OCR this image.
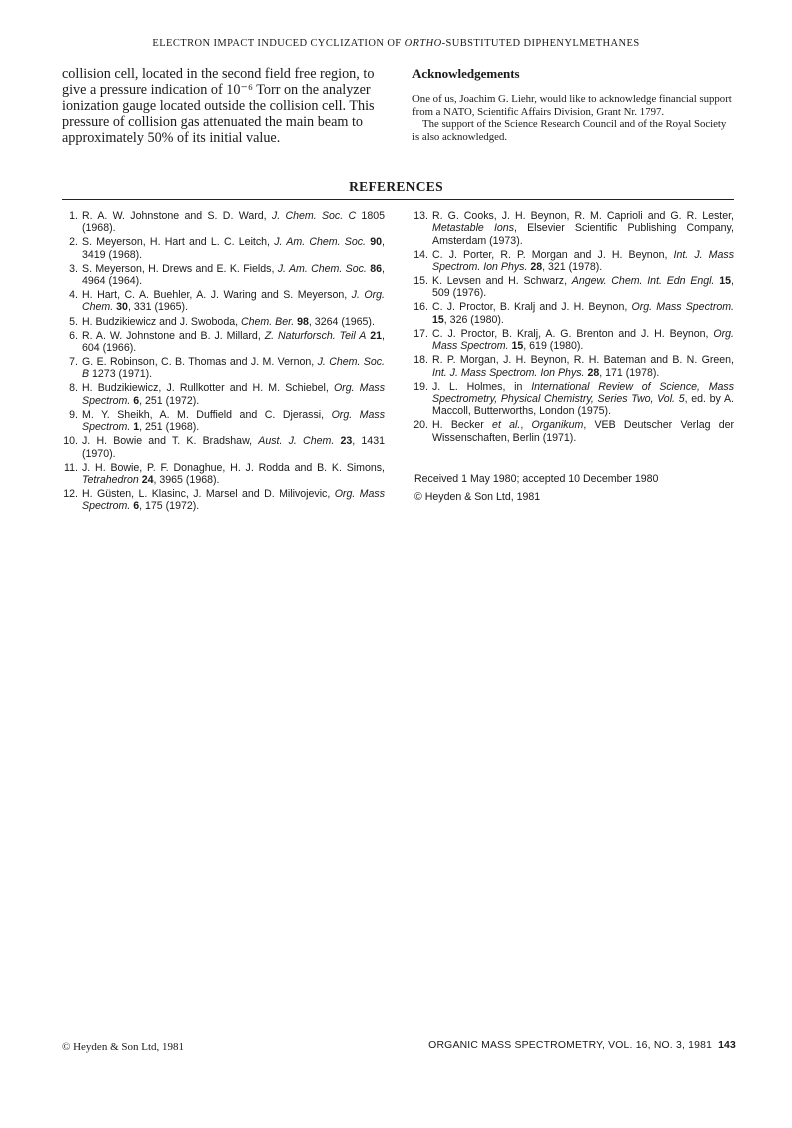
ELECTRON IMPACT INDUCED CYCLIZATION OF ORTHO-SUBSTITUTED DIPHENYLMETHANES

collision cell, located in the second field free region, to give a pressure indication of 10⁻⁶ Torr on the analyzer ionization gauge located outside the collision cell. This pressure of collision gas attenuated the main beam to approximately 50% of its initial value.

Acknowledgements

One of us, Joachim G. Liehr, would like to acknowledge financial support from a NATO, Scientific Affairs Division, Grant Nr. 1797.

The support of the Science Research Council and of the Royal Society is also acknowledged.

REFERENCES
1. R. A. W. Johnstone and S. D. Ward, J. Chem. Soc. C 1805 (1968).
2. S. Meyerson, H. Hart and L. C. Leitch, J. Am. Chem. Soc. 90, 3419 (1968).
3. S. Meyerson, H. Drews and E. K. Fields, J. Am. Chem. Soc. 86, 4964 (1964).
4. H. Hart, C. A. Buehler, A. J. Waring and S. Meyerson, J. Org. Chem. 30, 331 (1965).
5. H. Budzikiewicz and J. Swoboda, Chem. Ber. 98, 3264 (1965).
6. R. A. W. Johnstone and B. J. Millard, Z. Naturforsch. Teil A 21, 604 (1966).
7. G. E. Robinson, C. B. Thomas and J. M. Vernon, J. Chem. Soc. B 1273 (1971).
8. H. Budzikiewicz, J. Rullkotter and H. M. Schiebel, Org. Mass Spectrom. 6, 251 (1972).
9. M. Y. Sheikh, A. M. Duffield and C. Djerassi, Org. Mass Spectrom. 1, 251 (1968).
10. J. H. Bowie and T. K. Bradshaw, Aust. J. Chem. 23, 1431 (1970).
11. J. H. Bowie, P. F. Donaghue, H. J. Rodda and B. K. Simons, Tetrahedron 24, 3965 (1968).
12. H. Güsten, L. Klasinc, J. Marsel and D. Milivojevic, Org. Mass Spectrom. 6, 175 (1972).
13. R. G. Cooks, J. H. Beynon, R. M. Caprioli and G. R. Lester, Metastable Ions, Elsevier Scientific Publishing Company, Amsterdam (1973).
14. C. J. Porter, R. P. Morgan and J. H. Beynon, Int. J. Mass Spectrom. Ion Phys. 28, 321 (1978).
15. K. Levsen and H. Schwarz, Angew. Chem. Int. Edn Engl. 15, 509 (1976).
16. C. J. Proctor, B. Kralj and J. H. Beynon, Org. Mass Spectrom. 15, 326 (1980).
17. C. J. Proctor, B. Kralj, A. G. Brenton and J. H. Beynon, Org. Mass Spectrom. 15, 619 (1980).
18. R. P. Morgan, J. H. Beynon, R. H. Bateman and B. N. Green, Int. J. Mass Spectrom. Ion Phys. 28, 171 (1978).
19. J. L. Holmes, in International Review of Science, Mass Spectrometry, Physical Chemistry, Series Two, Vol. 5, ed. by A. Maccoll, Butterworths, London (1975).
20. H. Becker et al., Organikum, VEB Deutscher Verlag der Wissenschaften, Berlin (1971).
Received 1 May 1980; accepted 10 December 1980
© Heyden & Son Ltd, 1981
© Heyden & Son Ltd, 1981	ORGANIC MASS SPECTROMETRY, VOL. 16, NO. 3, 1981 143
